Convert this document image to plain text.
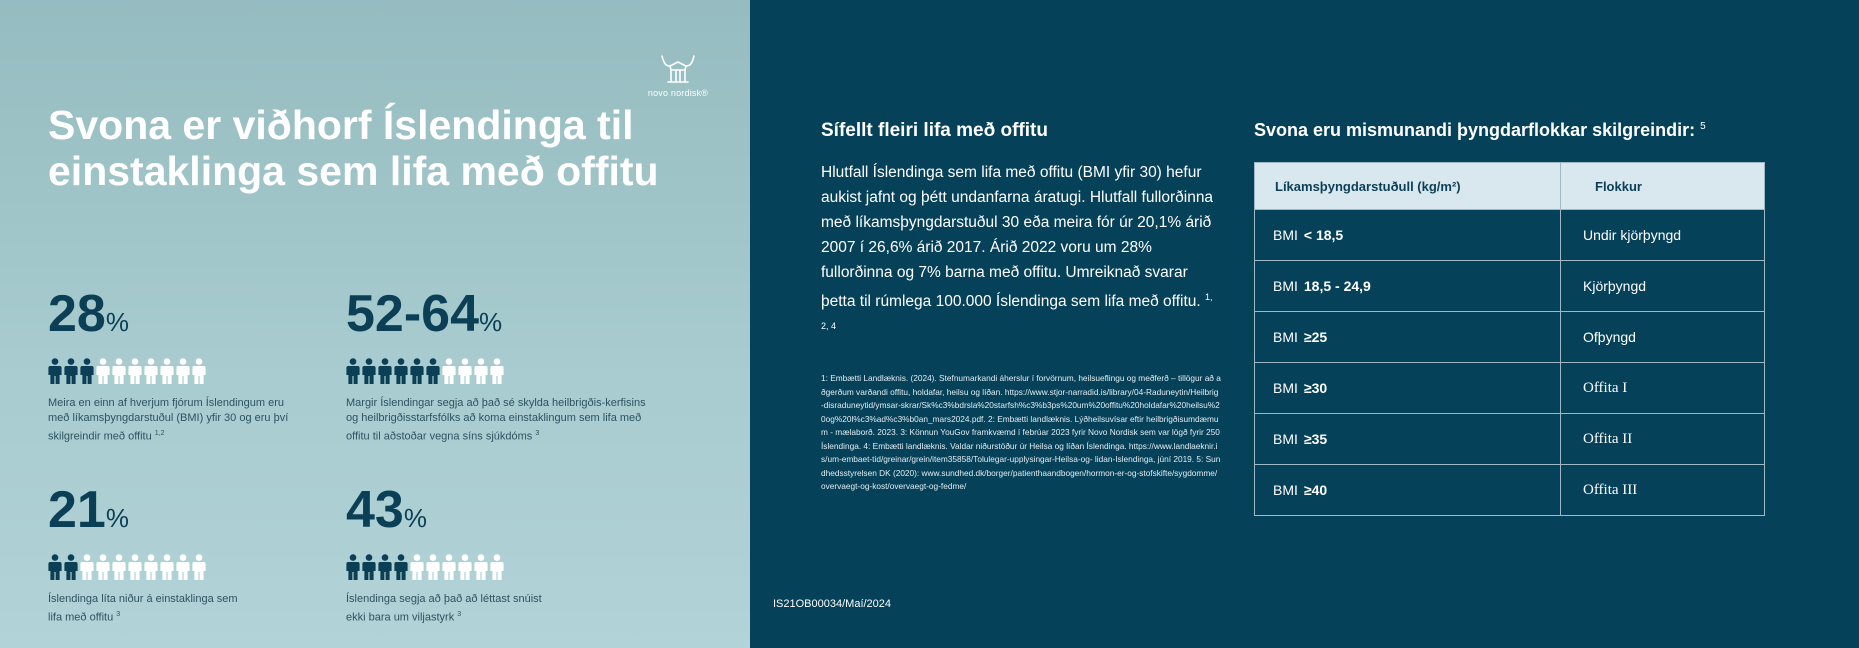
novo nordisk®
Svona er viðhorf Íslendinga til einstaklinga sem lifa með offitu
28%
Meira en einn af hverjum fjórum Íslendingum eru með líkamsþyngdarstuðul (BMI) yfir 30 og eru því skilgreindir með offitu $^{1,2}$
52-64%
Margir Íslendingar segja að það sé skylda heilbrigðis-kerfisins og heilbrigðisstarfsfólks að koma einstaklingum sem lifa með offitu til aðstoðar vegna síns sjúkdóms $^3$
21%
Íslendinga líta niður á einstaklinga sem lifa með offitu $^3$
43%
Íslendinga segja að það að léttast snúist ekki bara um viljastyrk $^3$
Sífellt fleiri lifa með offitu
Hlutfall Íslendinga sem lifa með offitu (BMI yfir 30) hefur aukist jafnt og þétt undanfarna áratugi. Hlutfall fullorðinna með líkamsþyngdarstuðul 30 eða meira fór úr 20,1% árið 2007 í 26,6% árið 2017. Árið 2022 voru um 28% fullorðinna og 7% barna með offitu. Umreiknað svarar þetta til rúmlega 100.000 Íslendinga sem lifa með offitu. $^{1, 2, 4}$
1: Embætti Landlæknis. (2024). Stefnumarkandi áherslur í forvörnum, heilsueflingu og meðferð – tillögur að aðgerðum varðandi offitu, holdafar, heilsu og líðan. https://www.stjor-narradid.is/library/04-Raduneytin/Heilbrig-disraduneytid/ymsar-skrar/Sk%c3%bdrsla%20starfsh%c3%b3ps%20um%20offitu%20holdafar%20heilsu%20og%20l%c3%ad%c3%b0an_mars2024.pdf. 2: Embætti landlæknis. Lýðheilsuvísar eftir heilbrigðisumdæmum - mælaborð. 2023. 3: Könnun YouGov framkvæmd í febrúar 2023 fyrir Novo Nordisk sem var lögð fyrir 250 Íslendinga. 4: Embætti landlæknis. Valdar niðurstöður úr Heilsa og líðan Íslendinga. https://www.landlaeknir.is/um-embaet-tid/greinar/grein/item35858/Tolulegar-upplysingar-Heilsa-og- lidan-Islendinga, júní 2019. 5: Sundhedsstyrelsen DK (2020): www.sundhed.dk/borger/patienthaandbogen/hormon-er-og-stofskifte/sygdomme/overvaegt-og-kost/overvaegt-og-fedme/
IS21OB00034/Maí/2024
Svona eru mismunandi þyngdarflokkar skilgreindir: $^5$
Líkamsþyngdarstuðull (kg/m²)	Flokkur
BMI < 18,5	Undir kjörþyngd
BMI 18,5 - 24,9	Kjörþyngd
BMI ≥25	Ofþyngd
BMI ≥30	Offita I
BMI ≥35	Offita II
BMI ≥40	Offita III
